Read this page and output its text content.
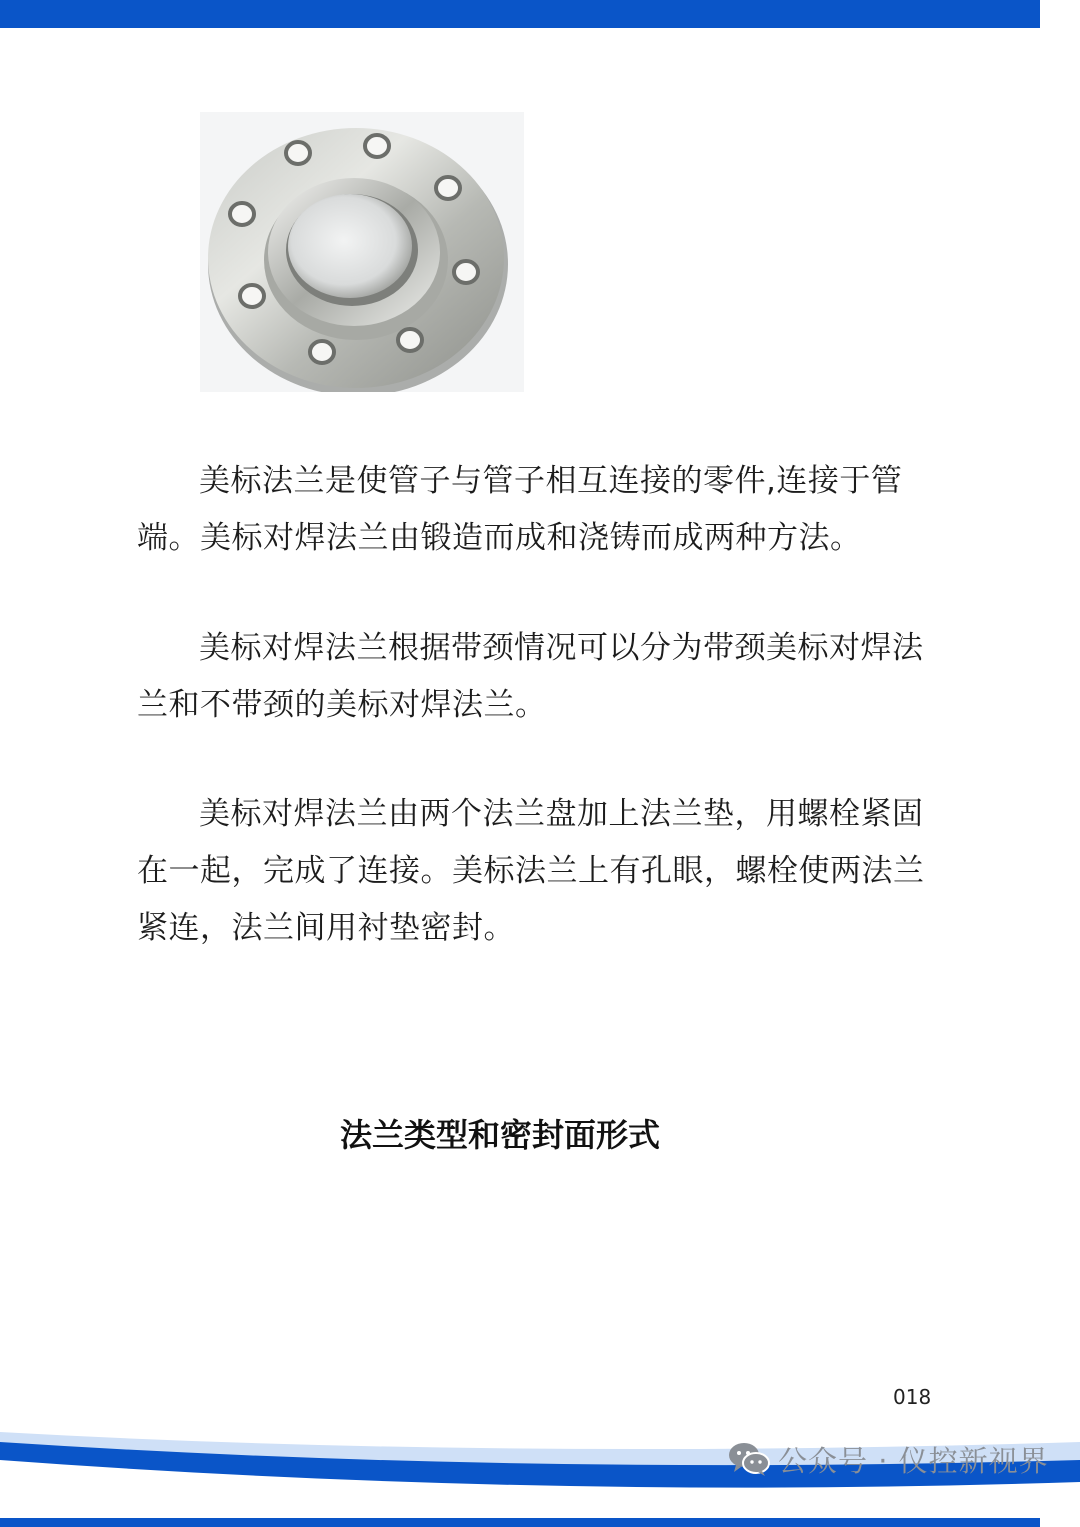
美标法兰是使管子与管子相互连接的零件,连接于管端。美标对焊法兰由锻造而成和浇铸而成两种方法。

美标对焊法兰根据带颈情况可以分为带颈美标对焊法兰和不带颈的美标对焊法兰。

美标对焊法兰由两个法兰盘加上法兰垫，用螺栓紧固在一起，完成了连接。美标法兰上有孔眼，螺栓使两法兰紧连，法兰间用衬垫密封。

法兰类型和密封面形式
018
公众号 · 仪控新视界
